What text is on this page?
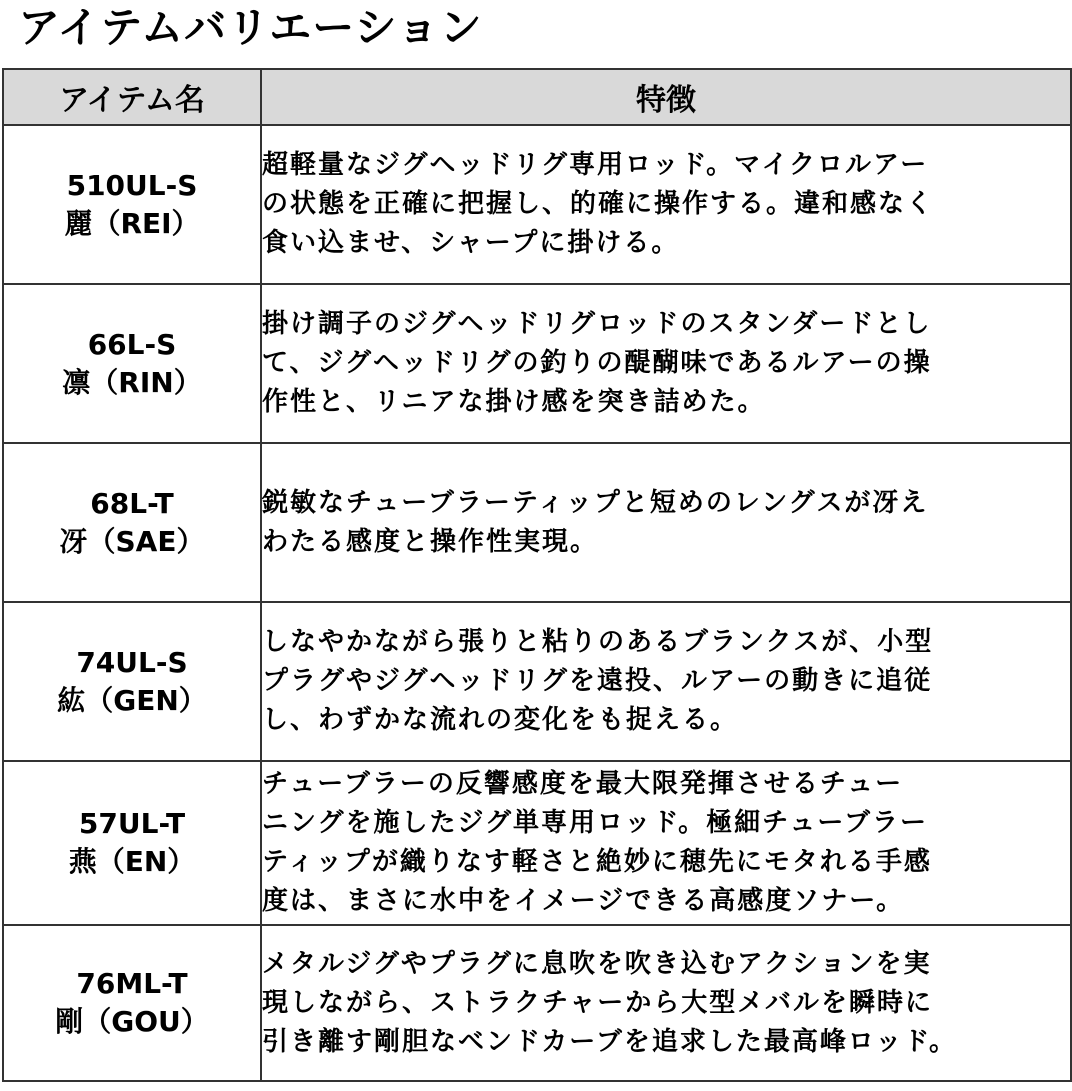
アイテムバリエーション
アイテム名	特徴

510UL-S
麗（REI）	超軽量なジグヘッドリグ専用ロッド。マイクロルアー
の状態を正確に把握し、的確に操作する。違和感なく
食い込ませ、シャープに掛ける。

66L-S
凛（RIN）	掛け調子のジグヘッドリグロッドのスタンダードとし
て、ジグヘッドリグの釣りの醍醐味であるルアーの操
作性と、リニアな掛け感を突き詰めた。

68L-T
冴（SAE）	鋭敏なチューブラーティップと短めのレングスが冴え
わたる感度と操作性実現。

74UL-S
紘（GEN）	しなやかながら張りと粘りのあるブランクスが、小型
プラグやジグヘッドリグを遠投、ルアーの動きに追従
し、わずかな流れの変化をも捉える。

57UL-T
燕（EN）	チューブラーの反響感度を最大限発揮させるチュー
ニングを施したジグ単専用ロッド。極細チューブラー
ティップが織りなす軽さと絶妙に穂先にモタれる手感
度は、まさに水中をイメージできる高感度ソナー。

76ML-T
剛（GOU）	メタルジグやプラグに息吹を吹き込むアクションを実
現しながら、ストラクチャーから大型メバルを瞬時に
引き離す剛胆なベンドカーブを追求した最高峰ロッド。
